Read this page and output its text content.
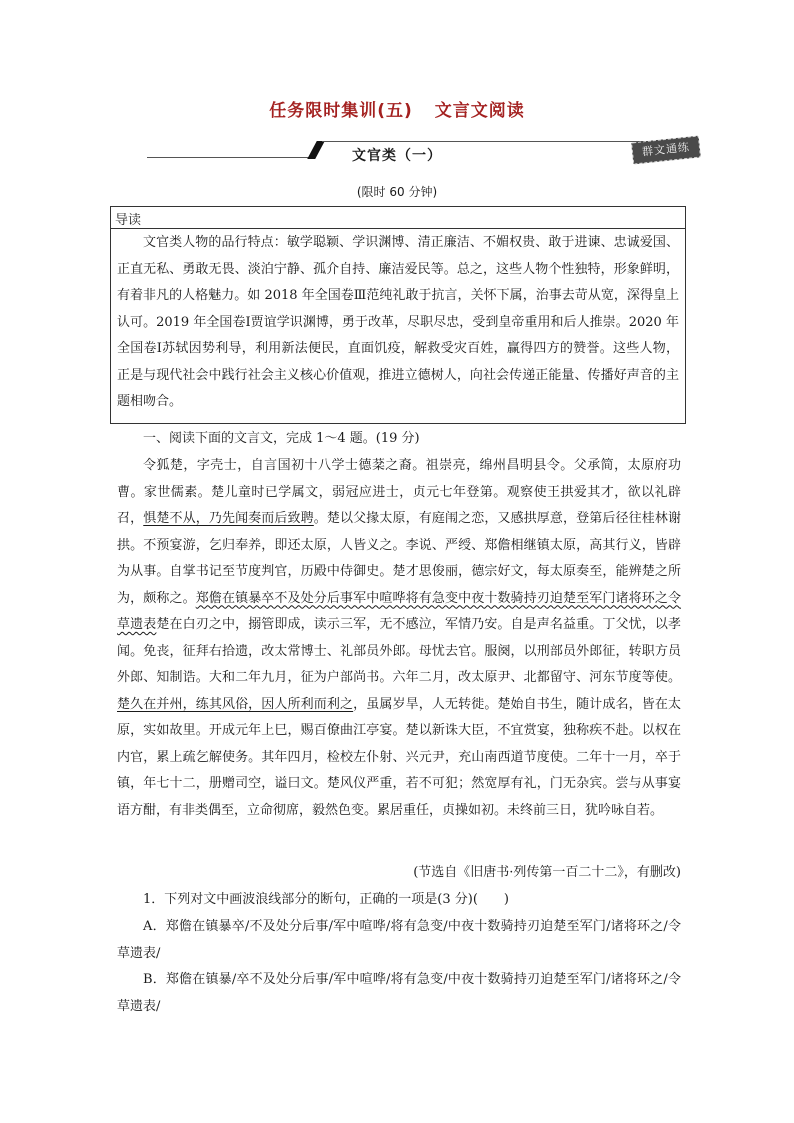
任务限时集训(五) 文言文阅读
文官类（一）	群文通练
(限时 60 分钟)
导读
文官类人物的品行特点：敏学聪颖、学识渊博、清正廉洁、不媚权贵、敢于进谏、忠诚爱国、正直无私、勇敢无畏、淡泊宁静、孤介自持、廉洁爱民等。总之，这些人物个性独特，形象鲜明，有着非凡的人格魅力。如 2018 年全国卷Ⅲ范纯礼敢于抗言，关怀下属，治事去苛从宽，深得皇上认可。2019 年全国卷Ⅰ贾谊学识渊博，勇于改革，尽职尽忠，受到皇帝重用和后人推崇。2020 年全国卷Ⅰ苏轼因势利导，利用新法便民，直面饥疫，解救受灾百姓，赢得四方的赞誉。这些人物，正是与现代社会中践行社会主义核心价值观，推进立德树人，向社会传递正能量、传播好声音的主题相吻合。
一、阅读下面的文言文，完成 1～4 题。(19 分)
令狐楚，字壳士，自言国初十八学士德棻之裔。祖崇亮，绵州昌明县令。父承简，太原府功曹。家世儒素。楚儿童时已学属文，弱冠应进士，贞元七年登第。观察使王拱爱其才，欲以礼辟召，惧楚不从，乃先闻奏而后致聘。楚以父掾太原，有庭闱之恋，又感拱厚意，登第后径往桂林谢拱。不预宴游，乞归奉养，即还太原，人皆义之。李说、严绶、郑儋相继镇太原，高其行义，皆辟为从事。自掌书记至节度判官，历殿中侍御史。楚才思俊丽，德宗好文，每太原奏至，能辨楚之所为，颇称之。郑儋在镇暴卒不及处分后事军中喧哗将有急变中夜十数骑持刃迫楚至军门诸将环之令草遗表楚在白刃之中，搦管即成，读示三军，无不感泣，军情乃安。自是声名益重。丁父忧，以孝闻。免丧，征拜右拾遗，改太常博士、礼部员外郎。母忧去官。服阕，以刑部员外郎征，转职方员外郎、知制诰。大和二年九月，征为户部尚书。六年二月，改太原尹、北都留守、河东节度等使。楚久在并州，练其风俗，因人所利而利之，虽属岁旱，人无转徙。楚始自书生，随计成名，皆在太原，实如故里。开成元年上巳，赐百僚曲江亭宴。楚以新诛大臣，不宜赏宴，独称疾不赴。以权在内官，累上疏乞解使务。其年四月，检校左仆射、兴元尹，充山南西道节度使。二年十一月，卒于镇，年七十二，册赠司空，谥曰文。楚风仪严重，若不可犯；然宽厚有礼，门无杂宾。尝与从事宴语方酣，有非类偶至，立命彻席，毅然色变。累居重任，贞操如初。未终前三日，犹吟咏自若。
(节选自《旧唐书·列传第一百二十二》，有删改)
1．下列对文中画波浪线部分的断句，正确的一项是(3 分)(　　)
A．郑儋在镇暴卒/不及处分后事/军中喧哗/将有急变/中夜十数骑持刃迫楚至军门/诸将环之/令草遗表/
B．郑儋在镇暴/卒不及处分后事/军中喧哗/将有急变/中夜十数骑持刃迫楚至军门/诸将环之/令草遗表/
